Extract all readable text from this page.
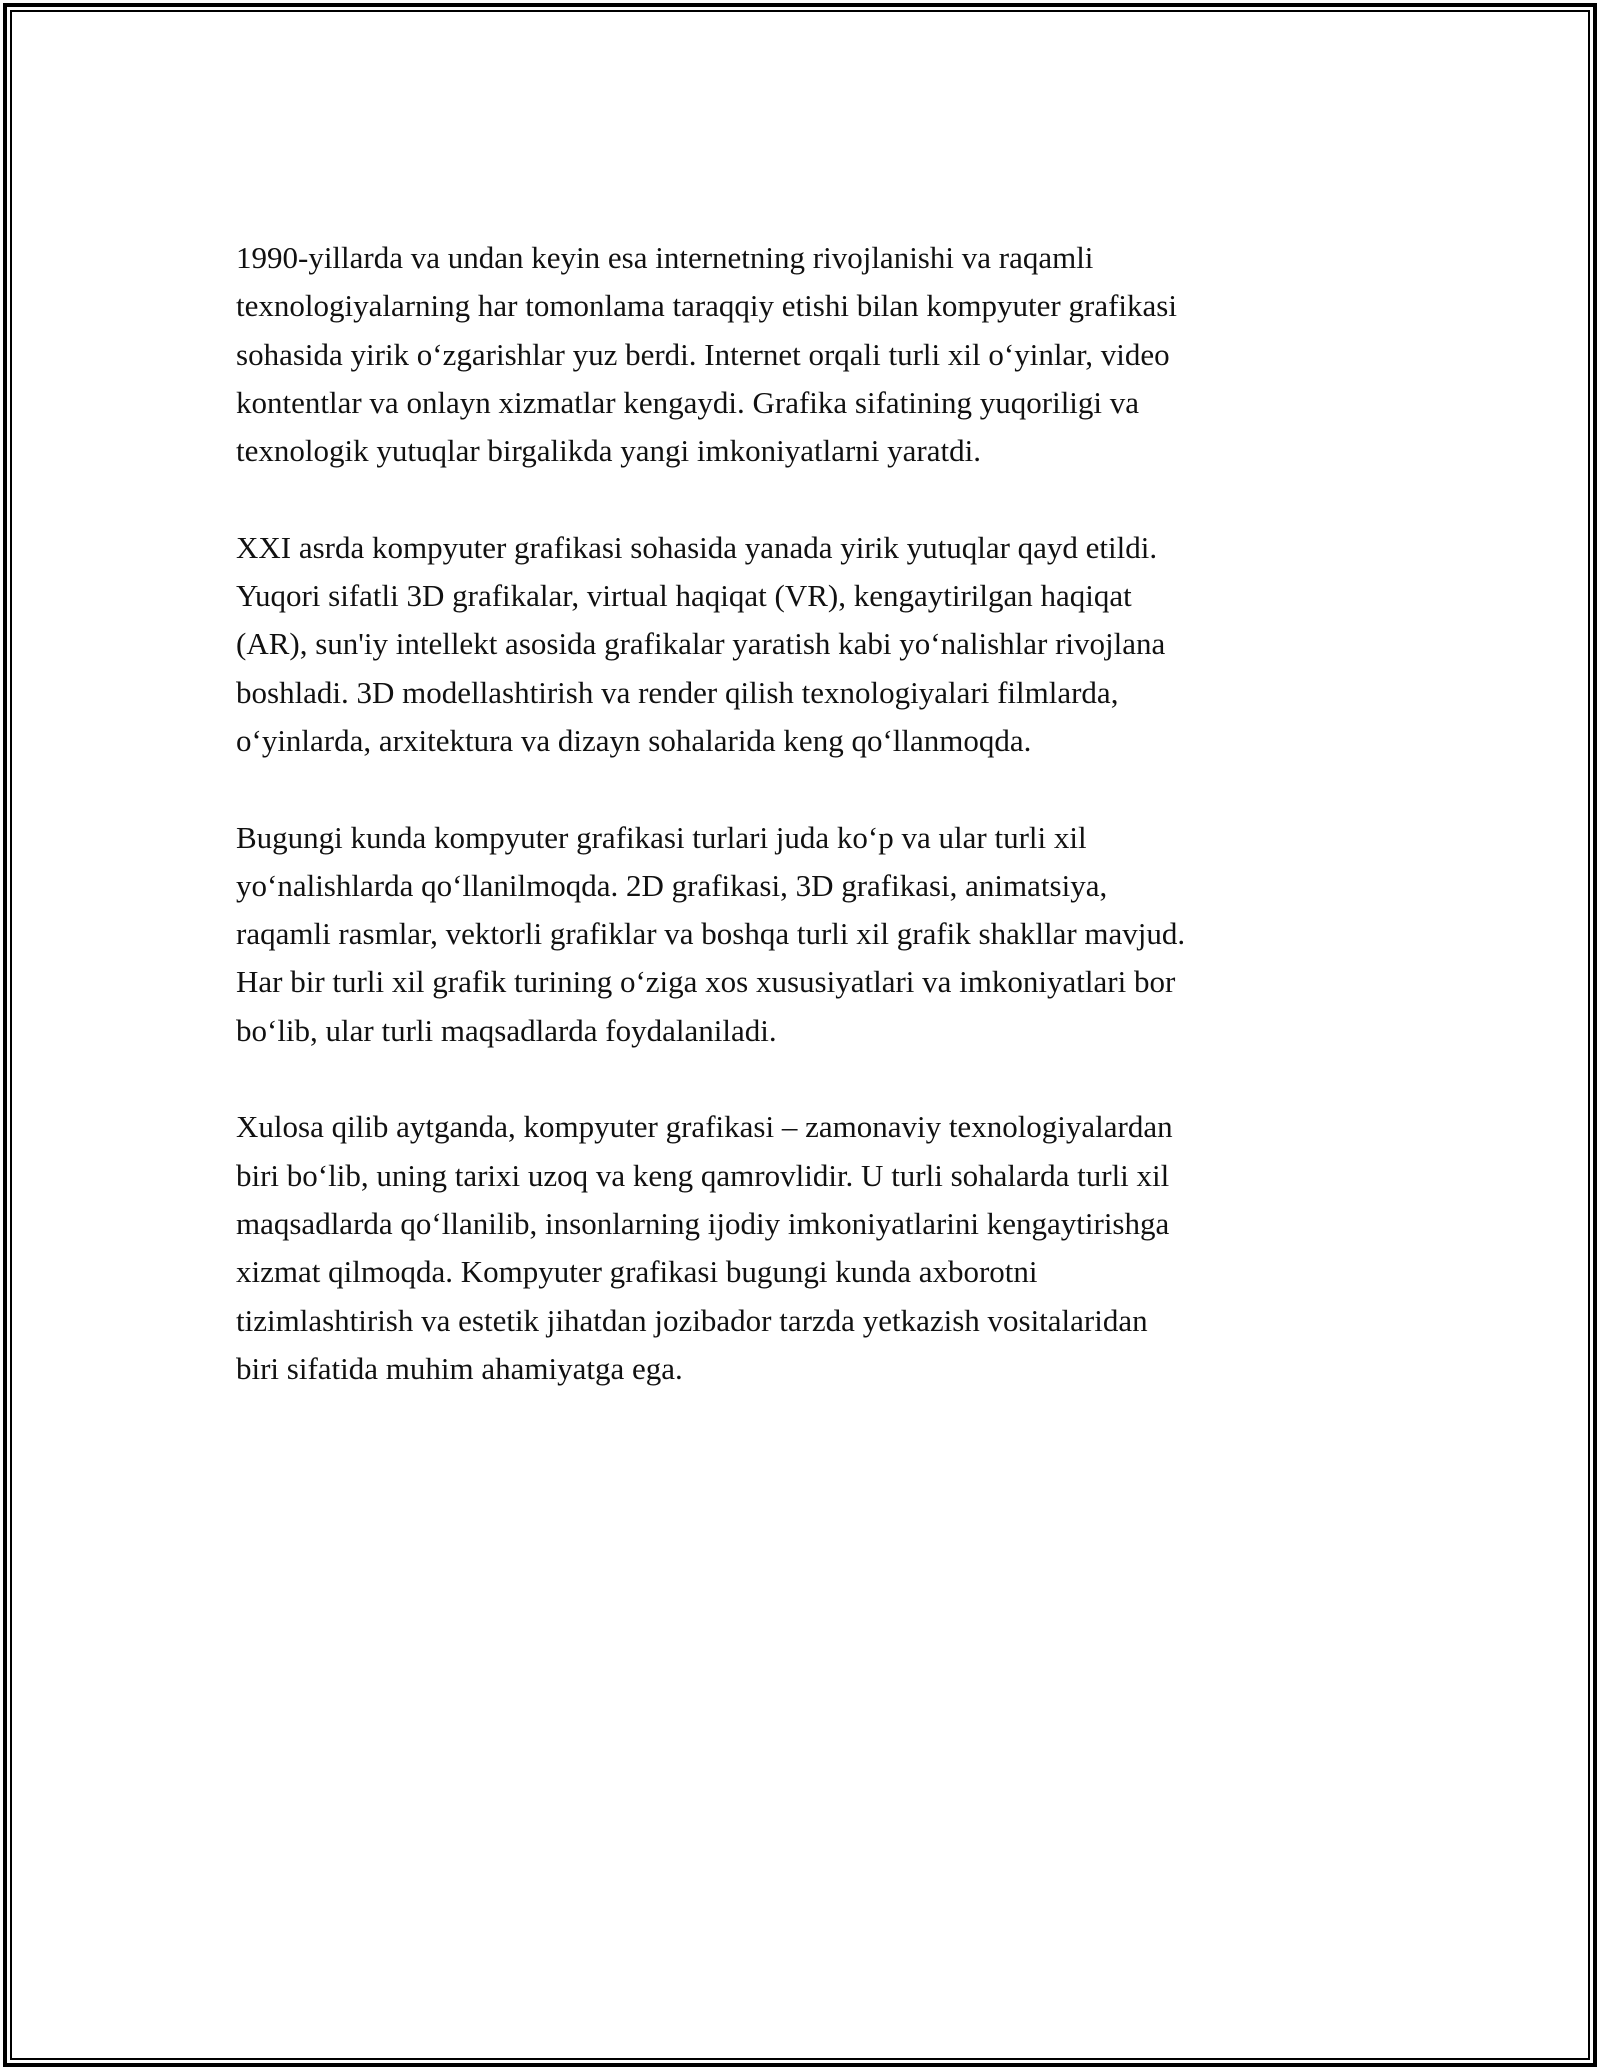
1990-yillarda va undan keyin esa internetning rivojlanishi va raqamli
texnologiyalarning har tomonlama taraqqiy etishi bilan kompyuter grafikasi
sohasida yirik o‘zgarishlar yuz berdi. Internet orqali turli xil o‘yinlar, video
kontentlar va onlayn xizmatlar kengaydi. Grafika sifatining yuqoriligi va
texnologik yutuqlar birgalikda yangi imkoniyatlarni yaratdi.

XXI asrda kompyuter grafikasi sohasida yanada yirik yutuqlar qayd etildi.
Yuqori sifatli 3D grafikalar, virtual haqiqat (VR), kengaytirilgan haqiqat
(AR), sun'iy intellekt asosida grafikalar yaratish kabi yo‘nalishlar rivojlana
boshladi. 3D modellashtirish va render qilish texnologiyalari filmlarda,
o‘yinlarda, arxitektura va dizayn sohalarida keng qo‘llanmoqda.

Bugungi kunda kompyuter grafikasi turlari juda ko‘p va ular turli xil
yo‘nalishlarda qo‘llanilmoqda. 2D grafikasi, 3D grafikasi, animatsiya,
raqamli rasmlar, vektorli grafiklar va boshqa turli xil grafik shakllar mavjud.
Har bir turli xil grafik turining o‘ziga xos xususiyatlari va imkoniyatlari bor
bo‘lib, ular turli maqsadlarda foydalaniladi.

Xulosa qilib aytganda, kompyuter grafikasi – zamonaviy texnologiyalardan
biri bo‘lib, uning tarixi uzoq va keng qamrovlidir. U turli sohalarda turli xil
maqsadlarda qo‘llanilib, insonlarning ijodiy imkoniyatlarini kengaytirishga
xizmat qilmoqda. Kompyuter grafikasi bugungi kunda axborotni
tizimlashtirish va estetik jihatdan jozibador tarzda yetkazish vositalaridan
biri sifatida muhim ahamiyatga ega.
